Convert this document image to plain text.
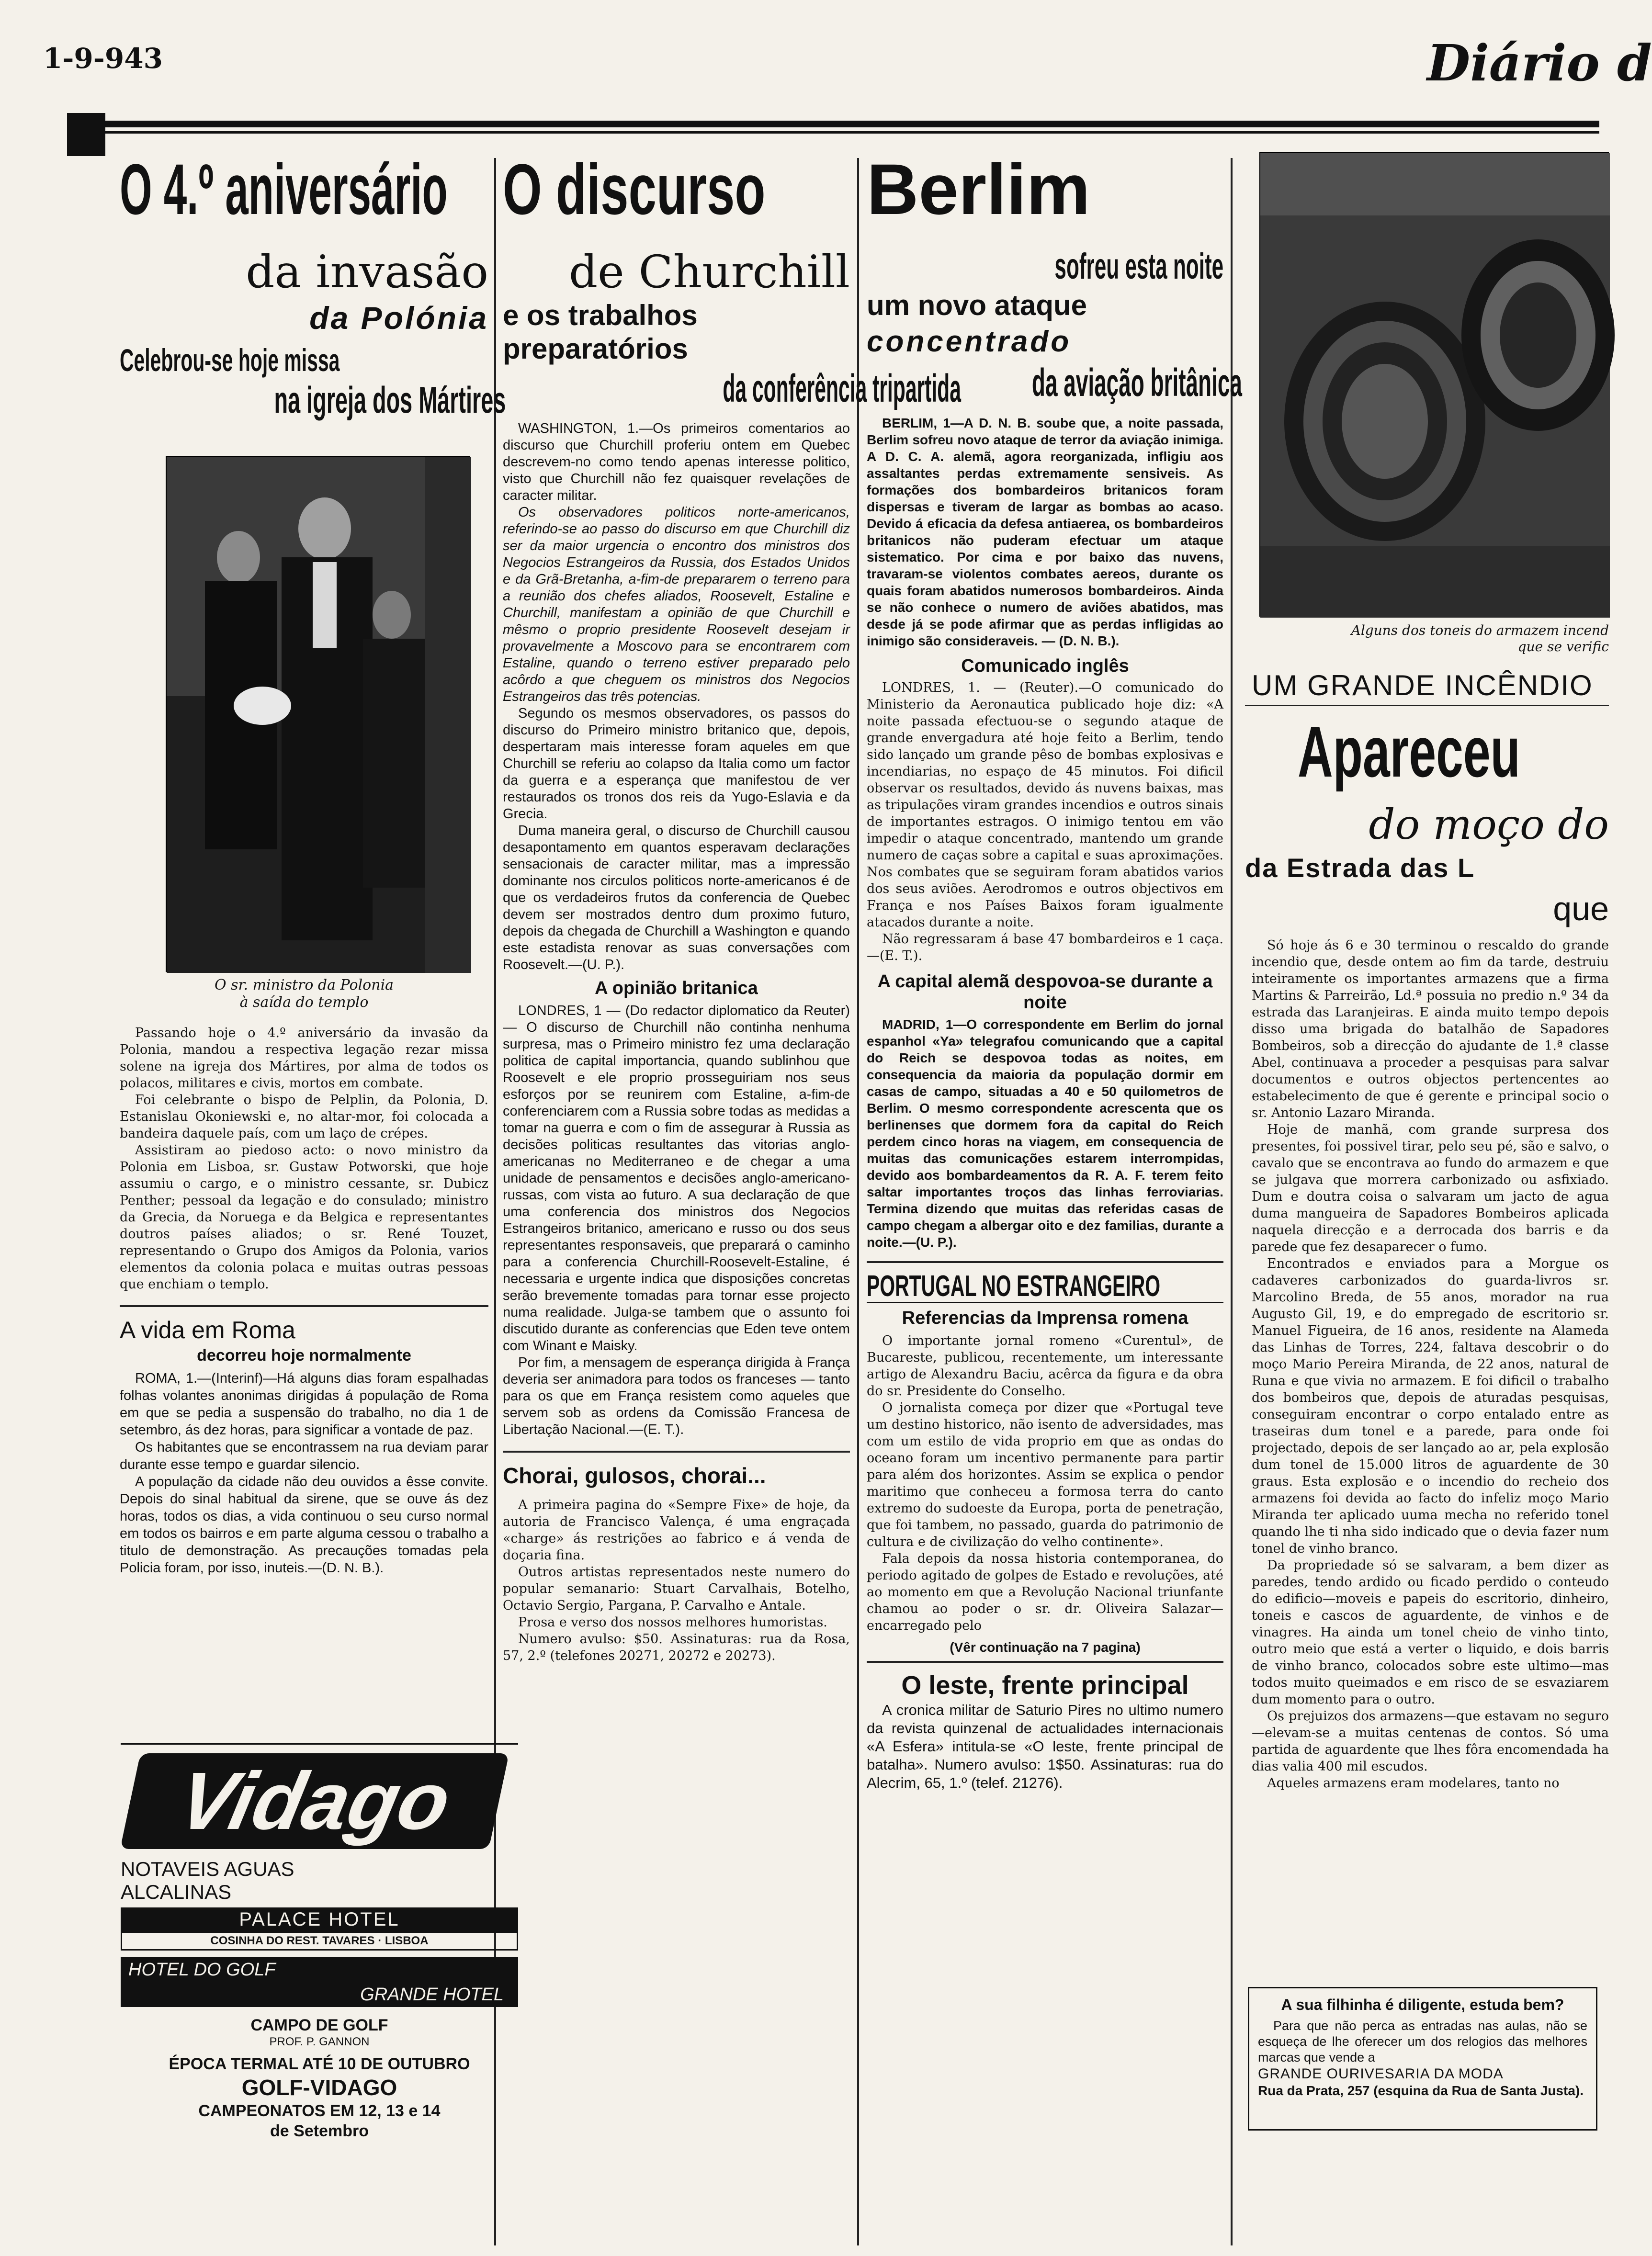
1-9-943	Diário d
O 4.º aniversário
da invasão
da Polónia
Celebrou-se hoje missa
na igreja dos Mártires
O sr. ministro da Polonia
à saída do templo

Passando hoje o 4.º aniversário da invasão da Polonia, mandou a respectiva legação rezar missa solene na igreja dos Mártires, por alma de todos os polacos, militares e civis, mortos em combate.

Foi celebrante o bispo de Pelplin, da Polonia, D. Estanislau Okoniewski e, no altar-mor, foi colocada a bandeira daquele país, com um laço de crépes.

Assistiram ao piedoso acto: o novo ministro da Polonia em Lisboa, sr. Gustaw Potworski, que hoje assumiu o cargo, e o ministro cessante, sr. Dubicz Penther; pessoal da legação e do consulado; ministro da Grecia, da Noruega e da Belgica e representantes doutros países aliados; o sr. René Touzet, representando o Grupo dos Amigos da Polonia, varios elementos da colonia polaca e muitas outras pessoas que enchiam o templo.

A vida em Roma
decorreu hoje normalmente

ROMA, 1.—(Interinf)—Há alguns dias foram espalhadas folhas volantes anonimas dirigidas á população de Roma em que se pedia a suspensão do trabalho, no dia 1 de setembro, ás dez horas, para significar a vontade de paz.

Os habitantes que se encontrassem na rua deviam parar durante esse tempo e guardar silencio.

A população da cidade não deu ouvidos a êsse convite. Depois do sinal habitual da sirene, que se ouve ás dez horas, todos os dias, a vida continuou o seu curso normal em todos os bairros e em parte alguma cessou o trabalho a titulo de demonstração. As precauções tomadas pela Policia foram, por isso, inuteis.—(D. N. B.).

Vidago
NOTAVEIS AGUAS
ALCALINAS
PALACE HOTEL
COSINHA DO REST. TAVARES · LISBOA
HOTEL DO GOLF
GRANDE HOTEL
CAMPO DE GOLF
PROF. P. GANNON
ÉPOCA TERMAL ATÉ 10 DE OUTUBRO
GOLF-VIDAGO
CAMPEONATOS EM 12, 13 e 14
de Setembro
O discurso
de Churchill
e os trabalhos
preparatórios
da conferência tripartida

WASHINGTON, 1.—Os primeiros comentarios ao discurso que Churchill proferiu ontem em Quebec descrevem-no como tendo apenas interesse politico, visto que Churchill não fez quaisquer revelações de caracter militar.

Os observadores politicos norte-americanos, referindo-se ao passo do discurso em que Churchill diz ser da maior urgencia o encontro dos ministros dos Negocios Estrangeiros da Russia, dos Estados Unidos e da Grã-Bretanha, a-fim-de prepararem o terreno para a reunião dos chefes aliados, Roosevelt, Estaline e Churchill, manifestam a opinião de que Churchill e mêsmo o proprio presidente Roosevelt desejam ir provavelmente a Moscovo para se encontrarem com Estaline, quando o terreno estiver preparado pelo acôrdo a que cheguem os ministros dos Negocios Estrangeiros das três potencias.

Segundo os mesmos observadores, os passos do discurso do Primeiro ministro britanico que, depois, despertaram mais interesse foram aqueles em que Churchill se referiu ao colapso da Italia como um factor da guerra e a esperança que manifestou de ver restaurados os tronos dos reis da Yugo-Eslavia e da Grecia.

Duma maneira geral, o discurso de Churchill causou desapontamento em quantos esperavam declarações sensacionais de caracter militar, mas a impressão dominante nos circulos politicos norte-americanos é de que os verdadeiros frutos da conferencia de Quebec devem ser mostrados dentro dum proximo futuro, depois da chegada de Churchill a Washington e quando este estadista renovar as suas conversações com Roosevelt.—(U. P.).

A opinião britanica

LONDRES, 1 — (Do redactor diplomatico da Reuter) — O discurso de Churchill não continha nenhuma surpresa, mas o Primeiro ministro fez uma declaração politica de capital importancia, quando sublinhou que Roosevelt e ele proprio prosseguiriam nos seus esforços por se reunirem com Estaline, a-fim-de conferenciarem com a Russia sobre todas as medidas a tomar na guerra e com o fim de assegurar à Russia as decisões politicas resultantes das vitorias anglo-americanas no Mediterraneo e de chegar a uma unidade de pensamentos e decisões anglo-americano-russas, com vista ao futuro. A sua declaração de que uma conferencia dos ministros dos Negocios Estrangeiros britanico, americano e russo ou dos seus representantes responsaveis, que preparará o caminho para a conferencia Churchill-Roosevelt-Estaline, é necessaria e urgente indica que disposições concretas serão brevemente tomadas para tornar esse projecto numa realidade. Julga-se tambem que o assunto foi discutido durante as conferencias que Eden teve ontem com Winant e Maisky.

Por fim, a mensagem de esperança dirigida à França deveria ser animadora para todos os franceses — tanto para os que em França resistem como aqueles que servem sob as ordens da Comissão Francesa de Libertação Nacional.—(E. T.).

Chorai, gulosos, chorai...

A primeira pagina do «Sempre Fixe» de hoje, da autoria de Francisco Valença, é uma engraçada «charge» ás restrições ao fabrico e á venda de doçaria fina.

Outros artistas representados neste numero do popular semanario: Stuart Carvalhais, Botelho, Octavio Sergio, Pargana, P. Carvalho e Antale.

Prosa e verso dos nossos melhores humoristas.

Numero avulso: $50. Assinaturas: rua da Rosa, 57, 2.º (telefones 20271, 20272 e 20273).

Berlim
sofreu esta noite
um novo ataque
concentrado
da aviação britânica

BERLIM, 1—A D. N. B. soube que, a noite passada, Berlim sofreu novo ataque de terror da aviação inimiga. A D. C. A. alemã, agora reorganizada, infligiu aos assaltantes perdas extremamente sensiveis. As formações dos bombardeiros britanicos foram dispersas e tiveram de largar as bombas ao acaso. Devido á eficacia da defesa antiaerea, os bombardeiros britanicos não puderam efectuar um ataque sistematico. Por cima e por baixo das nuvens, travaram-se violentos combates aereos, durante os quais foram abatidos numerosos bombardeiros. Ainda se não conhece o numero de aviões abatidos, mas desde já se pode afirmar que as perdas infligidas ao inimigo são consideraveis. — (D. N. B.).

Comunicado inglês

LONDRES, 1. — (Reuter).—O comunicado do Ministerio da Aeronautica publicado hoje diz: «A noite passada efectuou-se o segundo ataque de grande envergadura até hoje feito a Berlim, tendo sido lançado um grande pêso de bombas explosivas e incendiarias, no espaço de 45 minutos. Foi dificil observar os resultados, devido ás nuvens baixas, mas as tripulações viram grandes incendios e outros sinais de importantes estragos. O inimigo tentou em vão impedir o ataque concentrado, mantendo um grande numero de caças sobre a capital e suas aproximações. Nos combates que se seguiram foram abatidos varios dos seus aviões. Aerodromos e outros objectivos em França e nos Países Baixos foram igualmente atacados durante a noite.

Não regressaram á base 47 bombardeiros e 1 caça.—(E. T.).

A capital alemã despovoa-se durante a noite

MADRID, 1—O correspondente em Berlim do jornal espanhol «Ya» telegrafou comunicando que a capital do Reich se despovoa todas as noites, em consequencia da maioria da população dormir em casas de campo, situadas a 40 e 50 quilometros de Berlim. O mesmo correspondente acrescenta que os berlinenses que dormem fora da capital do Reich perdem cinco horas na viagem, em consequencia de muitas das comunicações estarem interrompidas, devido aos bombardeamentos da R. A. F. terem feito saltar importantes troços das linhas ferroviarias. Termina dizendo que muitas das referidas casas de campo chegam a albergar oito e dez familias, durante a noite.—(U. P.).

PORTUGAL NO ESTRANGEIRO
Referencias da Imprensa romena

O importante jornal romeno «Curentul», de Bucareste, publicou, recentemente, um interessante artigo de Alexandru Baciu, acêrca da figura e da obra do sr. Presidente do Conselho.

O jornalista começa por dizer que «Portugal teve um destino historico, não isento de adversidades, mas com um estilo de vida proprio em que as ondas do oceano foram um incentivo permanente para partir para além dos horizontes. Assim se explica o pendor maritimo que conheceu a formosa terra do canto extremo do sudoeste da Europa, porta de penetração, que foi tambem, no passado, guarda do patrimonio de cultura e de civilização do velho continente».

Fala depois da nossa historia contemporanea, do periodo agitado de golpes de Estado e revoluções, até ao momento em que a Revolução Nacional triunfante chamou ao poder o sr. dr. Oliveira Salazar—encarregado pelo

(Vêr continuação na 7 pagina)
O leste, frente principal

A cronica militar de Saturio Pires no ultimo numero da revista quinzenal de actualidades internacionais «A Esfera» intitula-se «O leste, frente principal de batalha». Numero avulso: 1$50. Assinaturas: rua do Alecrim, 65, 1.º (telef. 21276).

Alguns dos toneis do armazem incend
que se verific
UM GRANDE INCÊNDIO
Apareceu
do moço do
da Estrada das L
que

Só hoje ás 6 e 30 terminou o rescaldo do grande incendio que, desde ontem ao fim da tarde, destruiu inteiramente os importantes armazens que a firma Martins & Parreirão, Ld.ª possuia no predio n.º 34 da estrada das Laranjeiras. E ainda muito tempo depois disso uma brigada do batalhão de Sapadores Bombeiros, sob a direcção do ajudante de 1.ª classe Abel, continuava a proceder a pesquisas para salvar documentos e outros objectos pertencentes ao estabelecimento de que é gerente e principal socio o sr. Antonio Lazaro Miranda.

Hoje de manhã, com grande surpresa dos presentes, foi possivel tirar, pelo seu pé, são e salvo, o cavalo que se encontrava ao fundo do armazem e que se julgava que morrera carbonizado ou asfixiado. Dum e doutra coisa o salvaram um jacto de agua duma mangueira de Sapadores Bombeiros aplicada naquela direcção e a derrocada dos barris e da parede que fez desaparecer o fumo.

Encontrados e enviados para a Morgue os cadaveres carbonizados do guarda-livros sr. Marcolino Breda, de 55 anos, morador na rua Augusto Gil, 19, e do empregado de escritorio sr. Manuel Figueira, de 16 anos, residente na Alameda das Linhas de Torres, 224, faltava descobrir o do moço Mario Pereira Miranda, de 22 anos, natural de Runa e que vivia no armazem. E foi dificil o trabalho dos bombeiros que, depois de aturadas pesquisas, conseguiram encontrar o corpo entalado entre as traseiras dum tonel e a parede, para onde foi projectado, depois de ser lançado ao ar, pela explosão dum tonel de 15.000 litros de aguardente de 30 graus. Esta explosão e o incendio do recheio dos armazens foi devida ao facto do infeliz moço Mario Miranda ter aplicado uuma mecha no referido tonel quando lhe ti nha sido indicado que o devia fazer num tonel de vinho branco.

Da propriedade só se salvaram, a bem dizer as paredes, tendo ardido ou ficado perdido o conteudo do edificio—moveis e papeis do escritorio, dinheiro, toneis e cascos de aguardente, de vinhos e de vinagres. Ha ainda um tonel cheio de vinho tinto, outro meio que está a verter o liquido, e dois barris de vinho branco, colocados sobre este ultimo—mas todos muito queimados e em risco de se esvaziarem dum momento para o outro.

Os prejuizos dos armazens—que estavam no seguro—elevam-se a muitas centenas de contos. Só uma partida de aguardente que lhes fôra encomendada ha dias valia 400 mil escudos.

Aqueles armazens eram modelares, tanto no

A sua filhinha é diligente, estuda bem?

Para que não perca as entradas nas aulas, não se esqueça de lhe oferecer um dos relogios das melhores marcas que vende a

GRANDE OURIVESARIA DA MODA
Rua da Prata, 257 (esquina da Rua de Santa Justa).
